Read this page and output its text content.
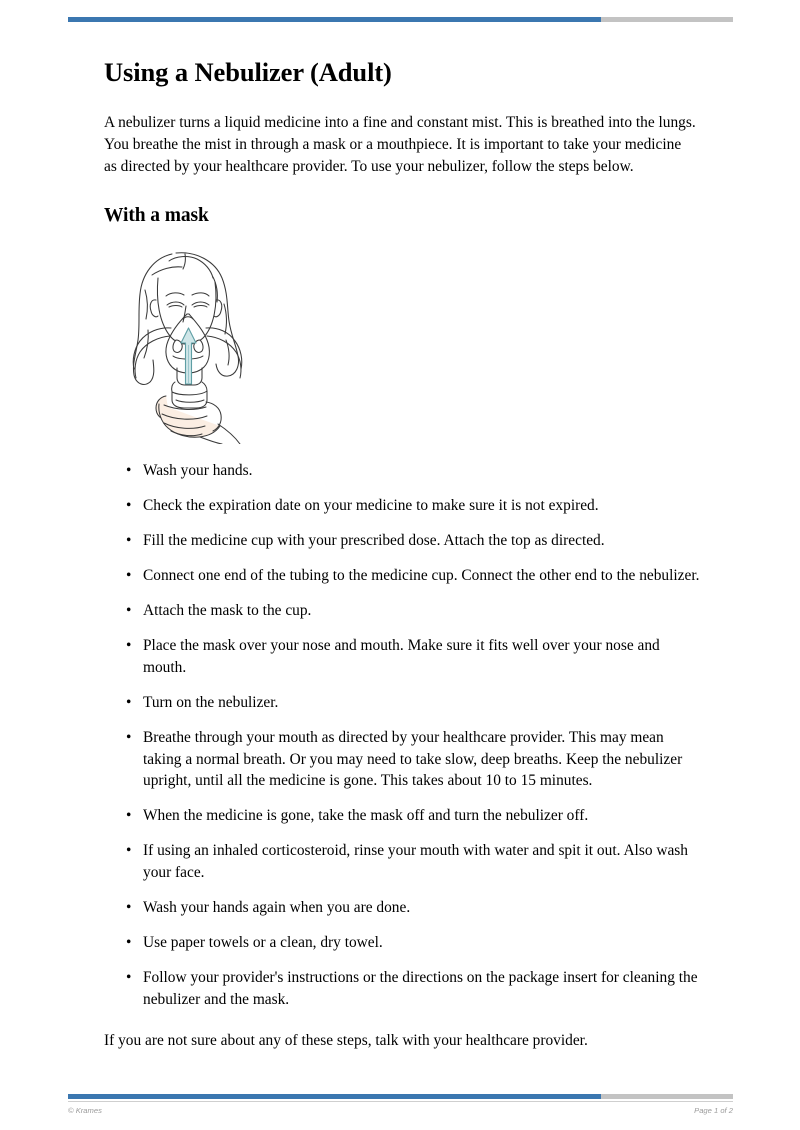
Using a Nebulizer (Adult)

A nebulizer turns a liquid medicine into a fine and constant mist. This is breathed into the lungs. You breathe the mist in through a mask or a mouthpiece. It is important to take your medicine as directed by your healthcare provider. To use your nebulizer, follow the steps below.

With a mask
• Wash your hands.
• Check the expiration date on your medicine to make sure it is not expired.
• Fill the medicine cup with your prescribed dose. Attach the top as directed.
• Connect one end of the tubing to the medicine cup. Connect the other end to the nebulizer.
• Attach the mask to the cup.
• Place the mask over your nose and mouth. Make sure it fits well over your nose and mouth.
• Turn on the nebulizer.
• Breathe through your mouth as directed by your healthcare provider. This may mean taking a normal breath. Or you may need to take slow, deep breaths. Keep the nebulizer upright, until all the medicine is gone. This takes about 10 to 15 minutes.
• When the medicine is gone, take the mask off and turn the nebulizer off.
• If using an inhaled corticosteroid, rinse your mouth with water and spit it out. Also wash your face.
• Wash your hands again when you are done.
• Use paper towels or a clean, dry towel.
• Follow your provider's instructions or the directions on the package insert for cleaning the nebulizer and the mask.

If you are not sure about any of these steps, talk with your healthcare provider.

© Krames	Page 1 of 2
